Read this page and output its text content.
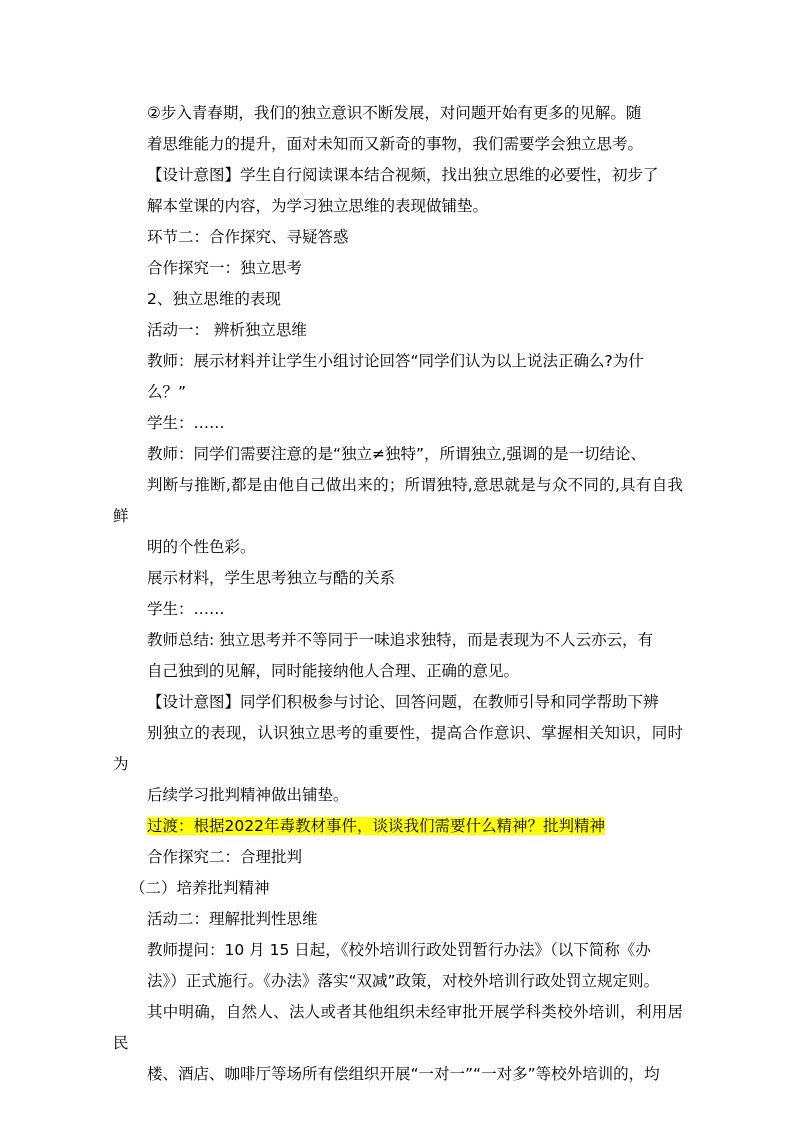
②步入青春期，我们的独立意识不断发展，对问题开始有更多的见解。随
着思维能力的提升，面对未知而又新奇的事物，我们需要学会独立思考。

【设计意图】学生自行阅读课本结合视频，找出独立思维的必要性，初步了
解本堂课的内容，为学习独立思维的表现做铺垫。

环节二：合作探究、寻疑答惑

合作探究一：独立思考

2、独立思维的表现

活动一： 辨析独立思维

教师：展示材料并让学生小组讨论回答“同学们认为以上说法正确么?为什
么？”

学生：……

教师：同学们需要注意的是“独立≠独特”，所谓独立,强调的是一切结论、
判断与推断,都是由他自己做出来的；所谓独特,意思就是与众不同的,具有自我鲜
明的个性色彩。

展示材料，学生思考独立与酷的关系

学生：……

教师总结: 独立思考并不等同于一味追求独特，而是表现为不人云亦云，有
自己独到的见解，同时能接纳他人合理、正确的意见。

【设计意图】同学们积极参与讨论、回答问题，在教师引导和同学帮助下辨
别独立的表现，认识独立思考的重要性，提高合作意识、掌握相关知识，同时为
后续学习批判精神做出铺垫。

过渡：根据2022年毒教材事件，谈谈我们需要什么精神？批判精神

合作探究二：合理批判

（二）培养批判精神

活动二：理解批判性思维

教师提问：10 月 15 日起，《校外培训行政处罚暂行办法》（以下简称《办
法》）正式施行。《办法》落实“双减”政策，对校外培训行政处罚立规定则。
其中明确，自然人、法人或者其他组织未经审批开展学科类校外培训，利用居民
楼、酒店、咖啡厅等场所有偿组织开展“一对一”“一对多”等校外培训的，均
